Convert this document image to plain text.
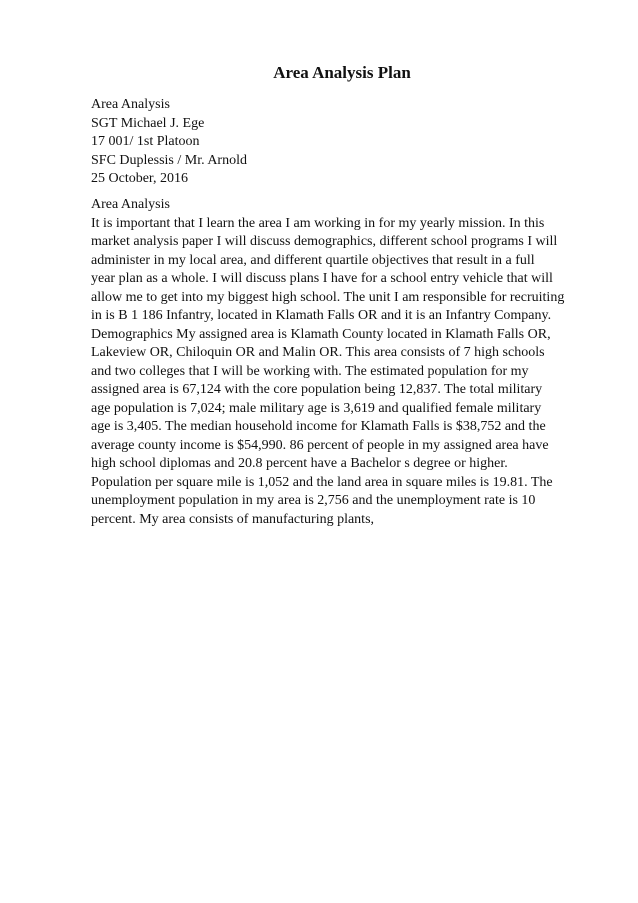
Area Analysis Plan
Area Analysis
SGT Michael J. Ege
17 001/ 1st Platoon
SFC Duplessis / Mr. Arnold
25 October, 2016
Area Analysis
It is important that I learn the area I am working in for my yearly mission. In this
market analysis paper I will discuss demographics, different school programs I will
administer in my local area, and different quartile objectives that result in a full
year plan as a whole. I will discuss plans I have for a school entry vehicle that will
allow me to get into my biggest high school. The unit I am responsible for recruiting
in is B 1 186 Infantry, located in Klamath Falls OR and it is an Infantry Company.
Demographics My assigned area is Klamath County located in Klamath Falls OR,
Lakeview OR, Chiloquin OR and Malin OR. This area consists of 7 high schools
and two colleges that I will be working with. The estimated population for my
assigned area is 67,124 with the core population being 12,837. The total military
age population is 7,024; male military age is 3,619 and qualified female military
age is 3,405. The median household income for Klamath Falls is $38,752 and the
average county income is $54,990. 86 percent of people in my assigned area have
high school diplomas and 20.8 percent have a Bachelor s degree or higher.
Population per square mile is 1,052 and the land area in square miles is 19.81. The
unemployment population in my area is 2,756 and the unemployment rate is 10
percent. My area consists of manufacturing plants,
